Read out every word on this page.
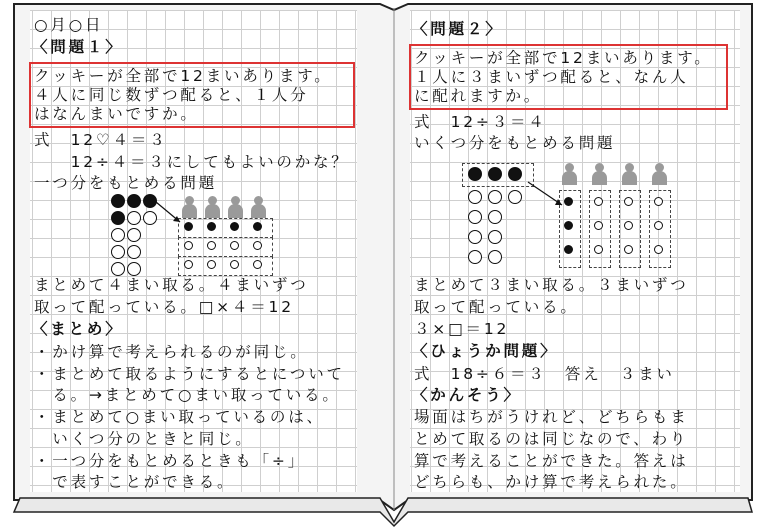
○月○日
〈問題１〉
クッキーが全部で12まいあります。
４人に同じ数ずつ配ると、１人分
はなんまいですか。
式　12♡４＝３
　　12÷４＝３にしてもよいのかな？
一つ分をもとめる問題
まとめて４まい取る。４まいずつ
取って配っている。□×４＝12
〈まとめ〉
・かけ算で考えられるのが同じ。
・まとめて取るようにするとについて
　る。→まとめて○まい取っている。
・まとめて○まい取っているのは、
　いくつ分のときと同じ。
・一つ分をもとめるときも「÷」
　で表すことができる。
〈問題２〉
クッキーが全部で12まいあります。
１人に３まいずつ配ると、なん人
に配れますか。
式　12÷３＝４
いくつ分をもとめる問題
まとめて３まい取る。３まいずつ
取って配っている。
３×□＝12
〈ひょうか問題〉
式　18÷６＝３　答え　３まい
〈かんそう〉
場面はちがうけれど、どちらもま
とめて取るのは同じなので、わり
算で考えることができた。答えは
どちらも、かけ算で考えられた。
